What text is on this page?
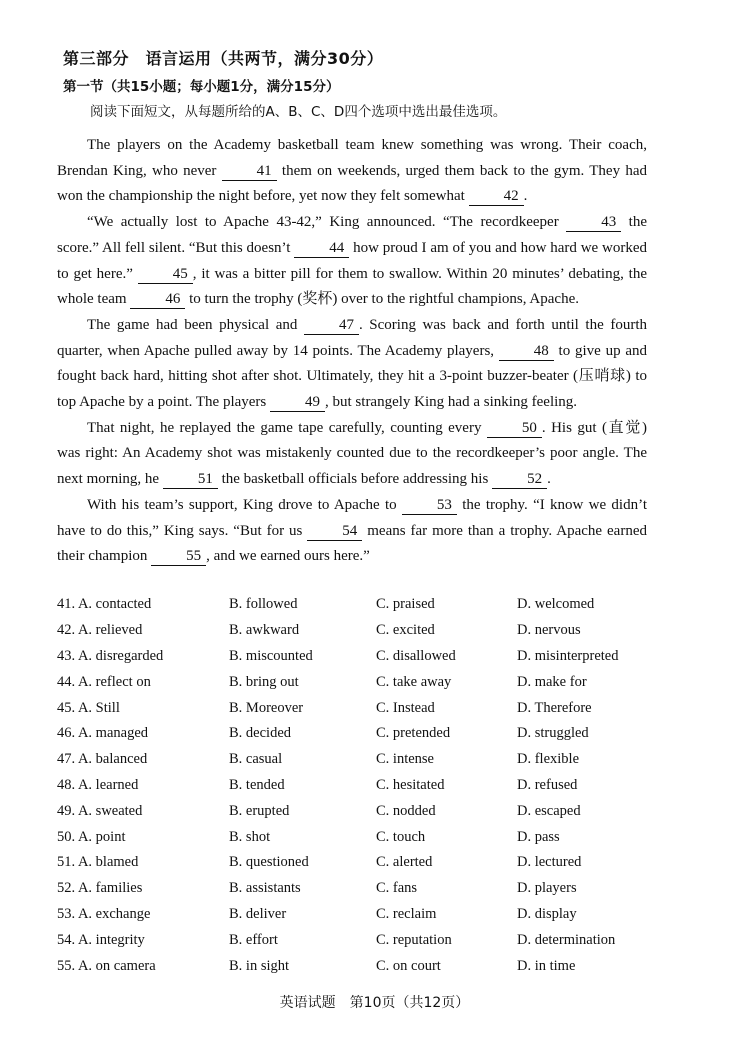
第三部分　语言运用（共两节，满分30分）
第一节（共15小题；每小题1分，满分15分）
阅读下面短文，从每题所给的A、B、C、D四个选项中选出最佳选项。

The players on the Academy basketball team knew something was wrong. Their coach, Brendan King, who never 41 them on weekends, urged them back to the gym. They had won the championship the night before, yet now they felt somewhat 42 .

“We actually lost to Apache 43-42,” King announced. “The recordkeeper 43 the score.” All fell silent. “But this doesn’t 44 how proud I am of you and how hard we worked to get here.” 45 , it was a bitter pill for them to swallow. Within 20 minutes’ debating, the whole team 46 to turn the trophy (奖杯) over to the rightful champions, Apache.

The game had been physical and 47 . Scoring was back and forth until the fourth quarter, when Apache pulled away by 14 points. The Academy players, 48 to give up and fought back hard, hitting shot after shot. Ultimately, they hit a 3-point buzzer-beater (压哨球) to top Apache by a point. The players 49 , but strangely King had a sinking feeling.

That night, he replayed the game tape carefully, counting every 50 . His gut (直觉) was right: An Academy shot was mistakenly counted due to the recordkeeper’s poor angle. The next morning, he 51 the basketball officials before addressing his 52 .

With his team’s support, King drove to Apache to 53 the trophy. “I know we didn’t have to do this,” King says. “But for us 54 means far more than a trophy. Apache earned their champion 55 , and we earned ours here.”

41. A. contacted	B. followed	C. praised	D. welcomed
42. A. relieved	B. awkward	C. excited	D. nervous
43. A. disregarded	B. miscounted	C. disallowed	D. misinterpreted
44. A. reflect on	B. bring out	C. take away	D. make for
45. A. Still	B. Moreover	C. Instead	D. Therefore
46. A. managed	B. decided	C. pretended	D. struggled
47. A. balanced	B. casual	C. intense	D. flexible
48. A. learned	B. tended	C. hesitated	D. refused
49. A. sweated	B. erupted	C. nodded	D. escaped
50. A. point	B. shot	C. touch	D. pass
51. A. blamed	B. questioned	C. alerted	D. lectured
52. A. families	B. assistants	C. fans	D. players
53. A. exchange	B. deliver	C. reclaim	D. display
54. A. integrity	B. effort	C. reputation	D. determination
55. A. on camera	B. in sight	C. on court	D. in time
英语试题　第10页（共12页）
